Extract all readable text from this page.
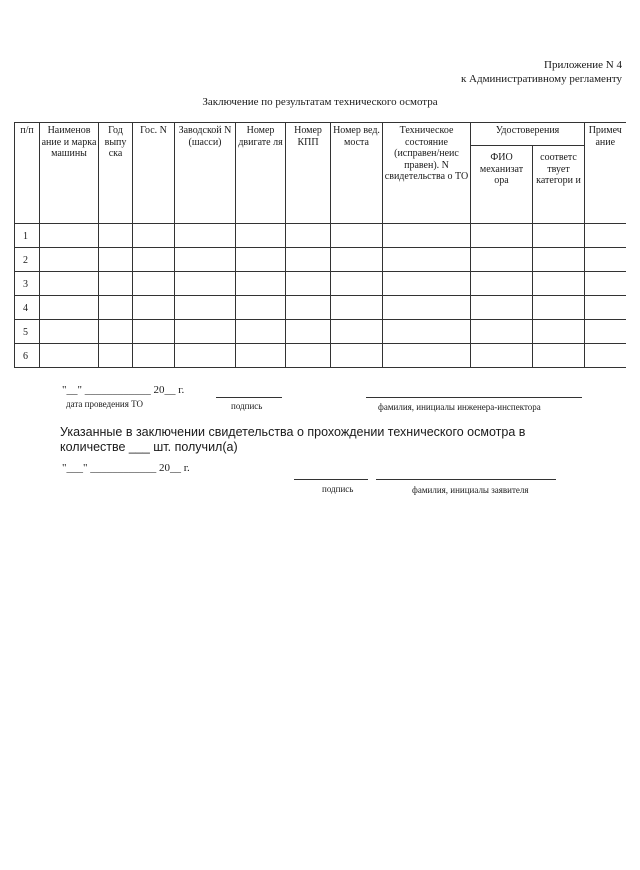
Приложение N 4
к Административному регламенту
Заключение по результатам технического осмотра
п/п	Наименов ание и марка машины	Год выпу ска	Гос. N	Заводской N (шасси)	Номер двигате ля	Номер КПП	Номер вед. моста	Техническое состояние (исправен/неис правен). N свидетельства о ТО	Удостоверения		Примеч ание
									ФИО механизат ора	соответс твует категори и	
1											
2											
3											
4											
5											
6											
"__" ____________ 20__ г.
дата проведения ТО	подпись	фамилия, инициалы инженера-инспектора
Указанные в заключении свидетельства о прохождении технического осмотра в
количестве ___ шт. получил(а)
"___" ____________ 20__ г.
подпись	фамилия, инициалы заявителя
